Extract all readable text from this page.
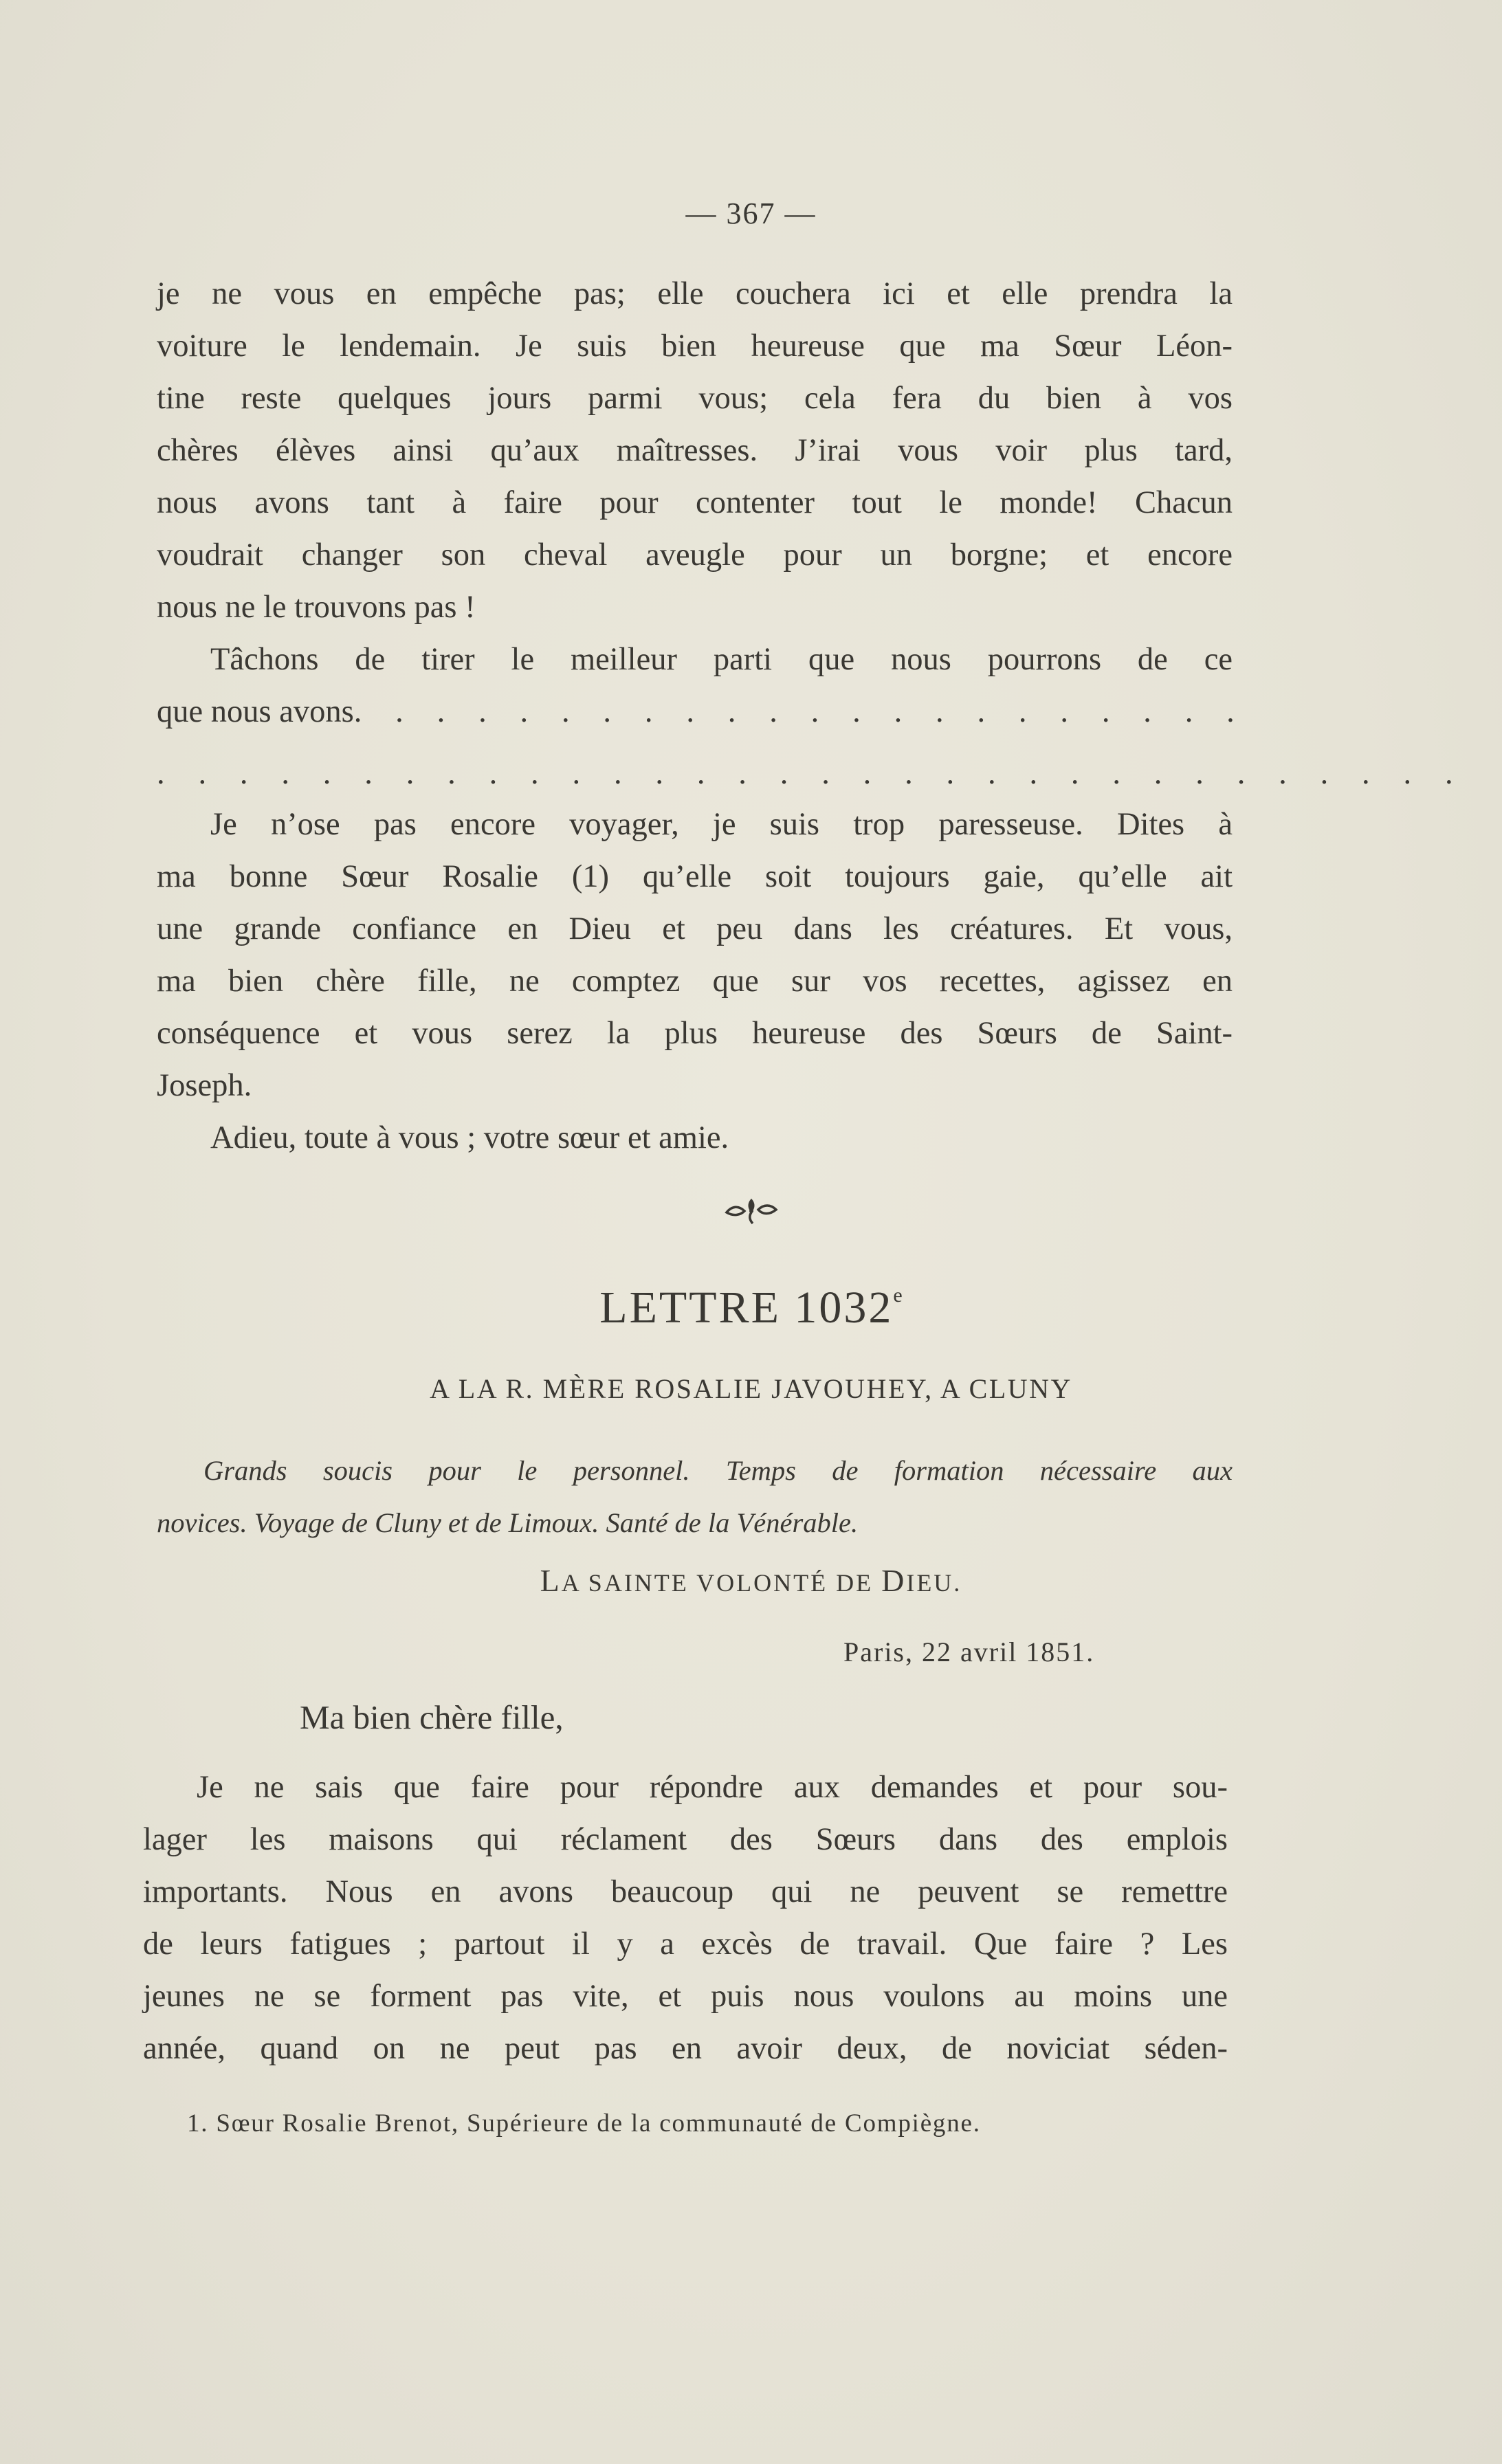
— 367 —
je ne vous en empêche pas; elle couchera ici et elle prendra la
voiture le lendemain. Je suis bien heureuse que ma Sœur Léon-
tine reste quelques jours parmi vous; cela fera du bien à vos
chères élèves ainsi qu’aux maîtresses. J’irai vous voir plus tard,
nous avons tant à faire pour contenter tout le monde! Chacun
voudrait changer son cheval aveugle pour un borgne; et encore
nous ne le trouvons pas !
Tâchons de tirer le meilleur parti que nous pourrons de ce
que nous avons. . . . . . . . . . . . . . . . . . . . . .
. . . . . . . . . . . . . . . . . . . . . . . . . . . . . . . .
Je n’ose pas encore voyager, je suis trop paresseuse. Dites à
ma bonne Sœur Rosalie (1) qu’elle soit toujours gaie, qu’elle ait
une grande confiance en Dieu et peu dans les créatures. Et vous,
ma bien chère fille, ne comptez que sur vos recettes, agissez en
conséquence et vous serez la plus heureuse des Sœurs de Saint-
Joseph.
Adieu, toute à vous ; votre sœur et amie.
LETTRE 1032e
A LA R. MÈRE ROSALIE JAVOUHEY, A CLUNY
Grands soucis pour le personnel. Temps de formation nécessaire aux
novices. Voyage de Cluny et de Limoux. Santé de la Vénérable.
LA SAINTE VOLONTÉ DE DIEU.
Paris, 22 avril 1851.
Ma bien chère fille,
Je ne sais que faire pour répondre aux demandes et pour sou-
lager les maisons qui réclament des Sœurs dans des emplois
importants. Nous en avons beaucoup qui ne peuvent se remettre
de leurs fatigues ; partout il y a excès de travail. Que faire ? Les
jeunes ne se forment pas vite, et puis nous voulons au moins une
année, quand on ne peut pas en avoir deux, de noviciat séden-
1. Sœur Rosalie Brenot, Supérieure de la communauté de Compiègne.
